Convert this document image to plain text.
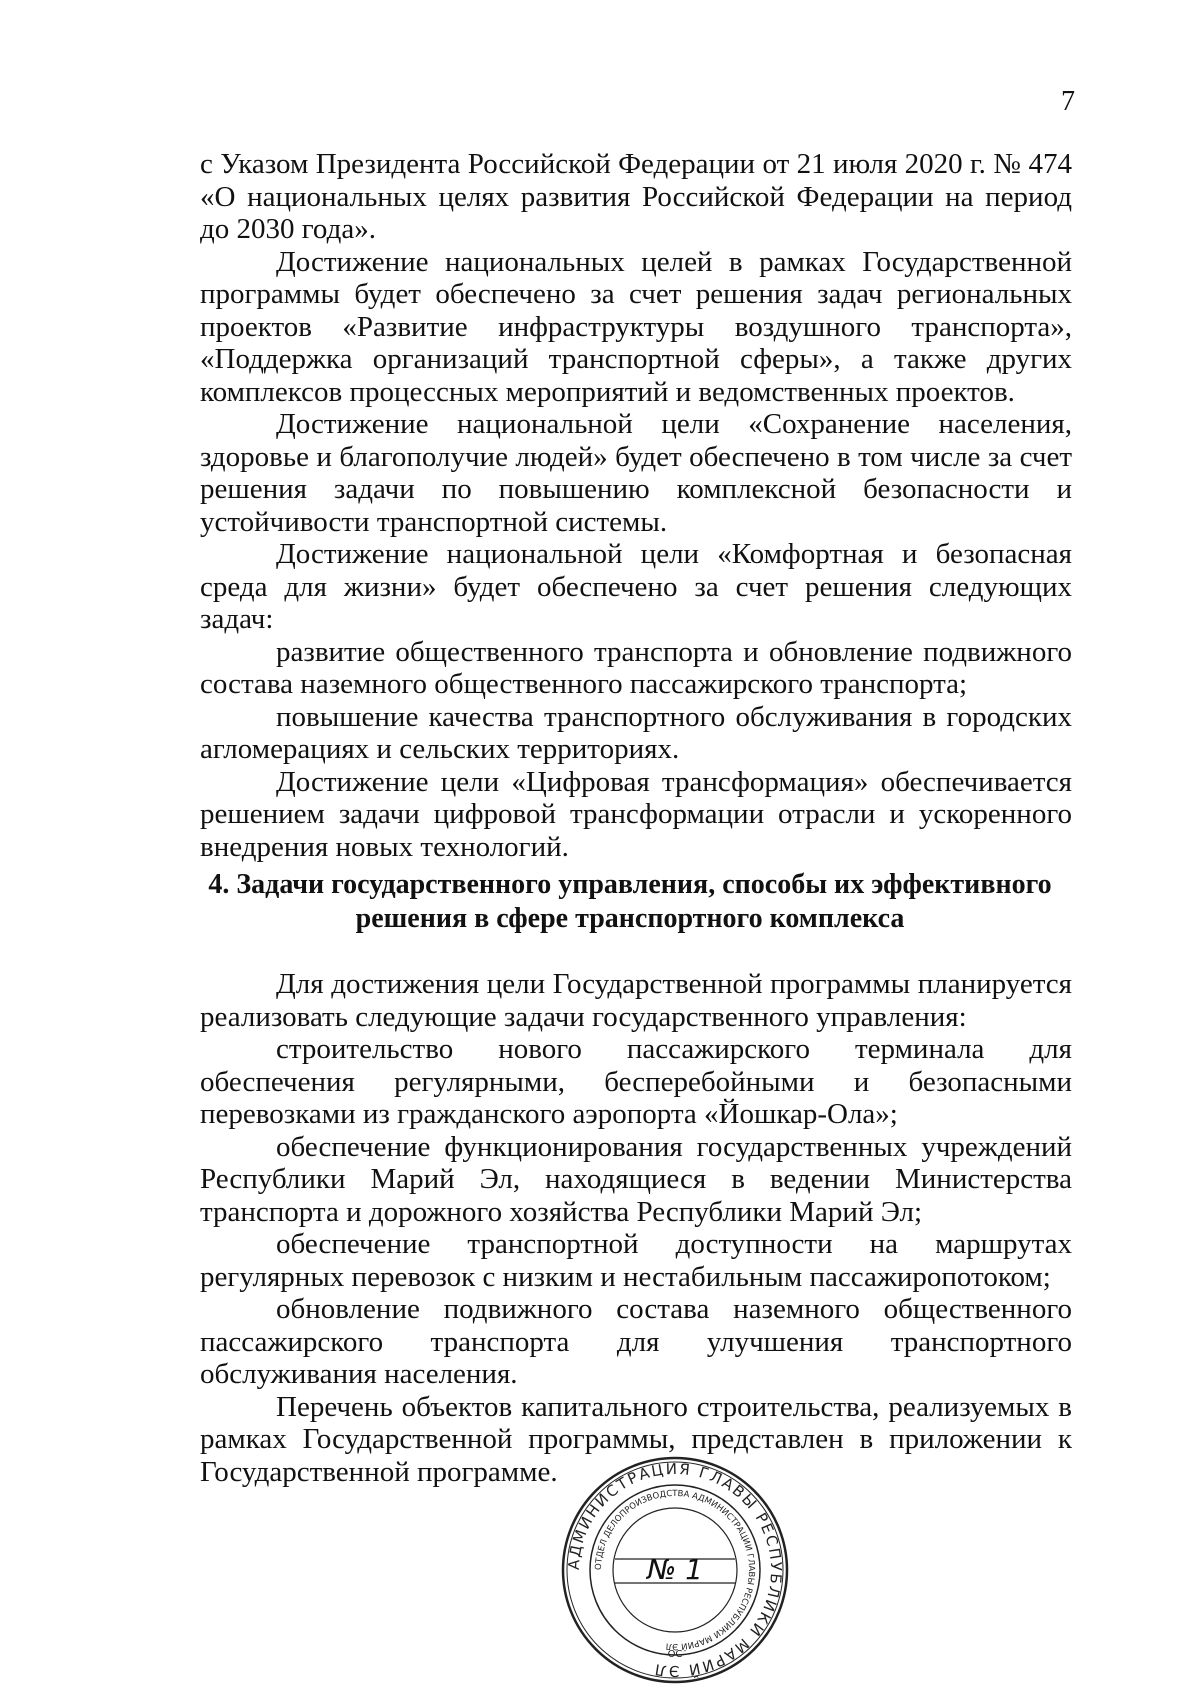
7

с Указом Президента Российской Федерации от 21 июля 2020 г. № 474 «О национальных целях развития Российской Федерации на период до 2030 года».

Достижение национальных целей в рамках Государственной программы будет обеспечено за счет решения задач региональных проектов «Развитие инфраструктуры воздушного транспорта», «Поддержка организаций транспортной сферы», а также других комплексов процессных мероприятий и ведомственных проектов.

Достижение национальной цели «Сохранение населения, здоровье и благополучие людей» будет обеспечено в том числе за счет решения задачи по повышению комплексной безопасности и устойчивости транспортной системы.

Достижение национальной цели «Комфортная и безопасная среда для жизни» будет обеспечено за счет решения следующих задач:

развитие общественного транспорта и обновление подвижного состава наземного общественного пассажирского транспорта;

повышение качества транспортного обслуживания в городских агломерациях и сельских территориях.

Достижение цели «Цифровая трансформация» обеспечивается решением задачи цифровой трансформации отрасли и ускоренного внедрения новых технологий.

4. Задачи государственного управления, способы их эффективного
решения в сфере транспортного комплекса

Для достижения цели Государственной программы планируется реализовать следующие задачи государственного управления:

строительство нового пассажирского терминала для обеспечения регулярными, бесперебойными и безопасными перевозками из гражданского аэропорта «Йошкар-Ола»;

обеспечение функционирования государственных учреждений Республики Марий Эл, находящиеся в ведении Министерства транспорта и дорожного хозяйства Республики Марий Эл;

обеспечение транспортной доступности на маршрутах регулярных перевозок с низким и нестабильным пассажиропотоком;

обновление подвижного состава наземного общественного пассажирского транспорта для улучшения транспортного обслуживания населения.

Перечень объектов капитального строительства, реализуемых в рамках Государственной программы, представлен в приложении к Государственной программе.

АДМИНИСТРАЦИЯ ГЛАВЫ РЕСПУБЛИКИ МАРИЙ ЭЛ
ОТДЕЛ ДЕЛОПРОИЗВОДСТВА АДМИНИСТРАЦИИ ГЛАВЫ РЕСПУБЛИКИ МАРИЙ ЭЛ
№ 1
ОС
